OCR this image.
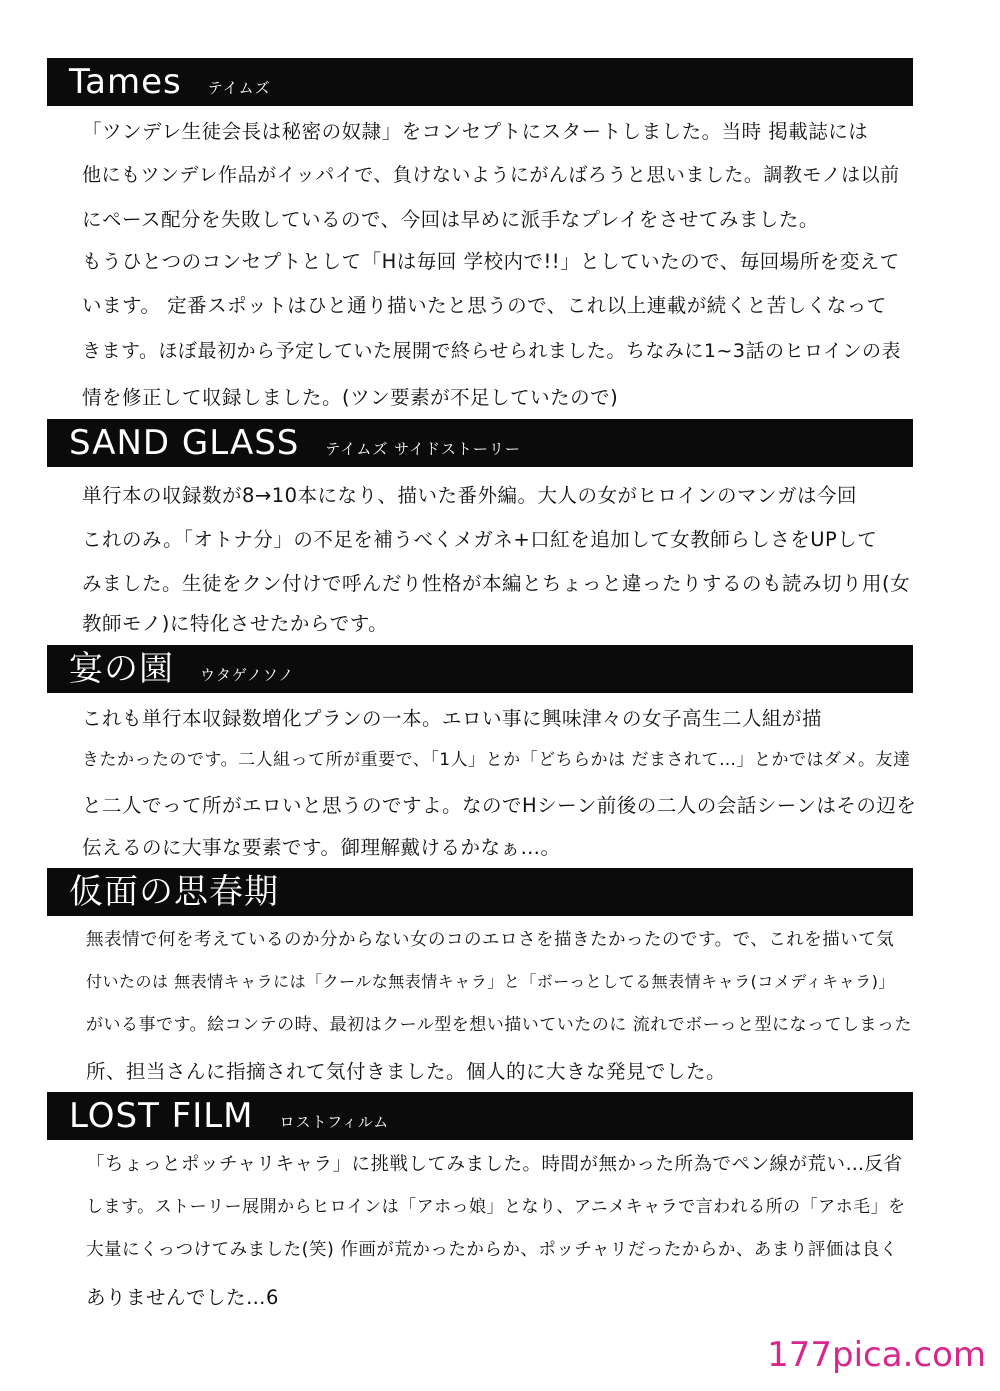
Tames テイムズ
「ツンデレ生徒会長は秘密の奴隷」をコンセプトにスタートしました。当時 掲載誌には
他にもツンデレ作品がイッパイで、負けないようにがんばろうと思いました。調教モノは以前
にペース配分を失敗しているので、今回は早めに派手なプレイをさせてみました。
もうひとつのコンセプトとして「Hは毎回 学校内で!!」としていたので、毎回場所を変えて
います。 定番スポットはひと通り描いたと思うので、これ以上連載が続くと苦しくなって
きます。ほぼ最初から予定していた展開で終らせられました。ちなみに1~3話のヒロインの表
情を修正して収録しました。(ツン要素が不足していたので)
SAND GLASS テイムズ サイドストーリー
単行本の収録数が8→10本になり、描いた番外編。大人の女がヒロインのマンガは今回
これのみ。「オトナ分」の不足を補うべくメガネ+口紅を追加して女教師らしさをUPして
みました。生徒をクン付けで呼んだり性格が本編とちょっと違ったりするのも読み切り用(女
教師モノ)に特化させたからです。
宴の園 ウタゲノソノ
これも単行本収録数増化プランの一本。エロい事に興味津々の女子高生二人組が描
きたかったのです。二人組って所が重要で、「1人」とか「どちらかは だまされて…」とかではダメ。友達
と二人でって所がエロいと思うのですよ。なのでHシーン前後の二人の会話シーンはその辺を
伝えるのに大事な要素です。御理解戴けるかなぁ…。
仮面の思春期
無表情で何を考えているのか分からない女のコのエロさを描きたかったのです。で、これを描いて気
付いたのは 無表情キャラには「クールな無表情キャラ」と「ボーっとしてる無表情キャラ(コメディキャラ)」
がいる事です。絵コンテの時、最初はクール型を想い描いていたのに 流れでボーっと型になってしまった
所、担当さんに指摘されて気付きました。個人的に大きな発見でした。
LOST FILM ロストフィルム
「ちょっとポッチャリキャラ」に挑戦してみました。時間が無かった所為でペン線が荒い…反省
します。ストーリー展開からヒロインは「アホっ娘」となり、アニメキャラで言われる所の「アホ毛」を
大量にくっつけてみました(笑) 作画が荒かったからか、ポッチャリだったからか、あまり評価は良く
ありませんでした…6
177pica.com
